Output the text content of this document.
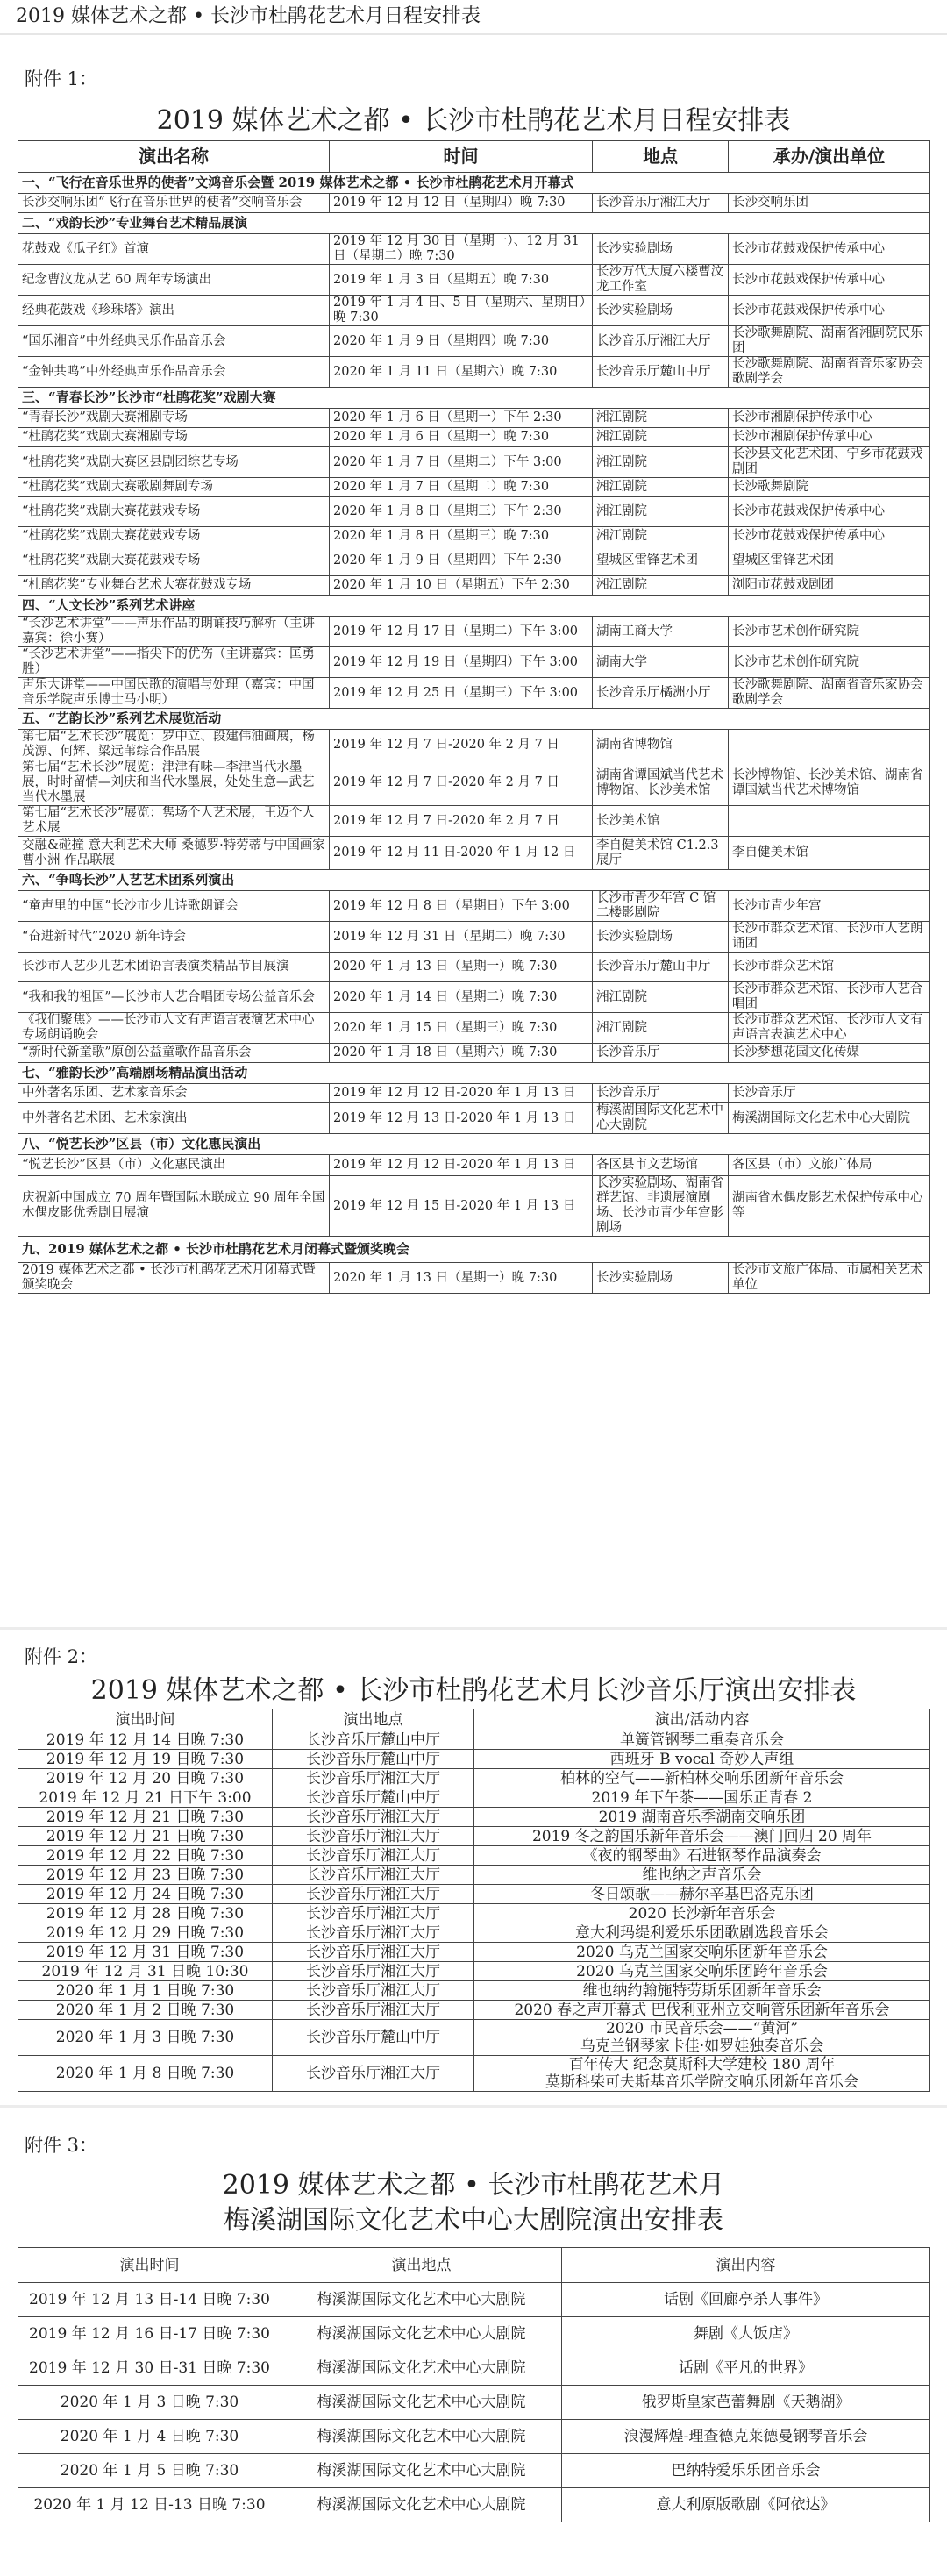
2019 媒体艺术之都 • 长沙市杜鹃花艺术月日程安排表
附件 1：
2019 媒体艺术之都 • 长沙市杜鹃花艺术月日程安排表
演出名称	时间	地点	承办/演出单位
一、“飞行在音乐世界的使者”文鸿音乐会暨 2019 媒体艺术之都 • 长沙市杜鹃花艺术月开幕式			
长沙交响乐团“飞行在音乐世界的使者”交响音乐会	2019 年 12 月 12 日（星期四）晚 7:30	长沙音乐厅湘江大厅	长沙交响乐团
二、“戏韵长沙”专业舞台艺术精品展演			
花鼓戏《瓜子红》首演	2019 年 12 月 30 日（星期一）、12 月 31 日（星期二）晚 7:30	长沙实验剧场	长沙市花鼓戏保护传承中心
纪念曹汶龙从艺 60 周年专场演出	2019 年 1 月 3 日（星期五）晚 7:30	长沙万代大厦六楼曹汶龙工作室	长沙市花鼓戏保护传承中心
经典花鼓戏《珍珠塔》演出	2019 年 1 月 4 日、5 日（星期六、星期日）晚 7:30	长沙实验剧场	长沙市花鼓戏保护传承中心
“国乐湘音”中外经典民乐作品音乐会	2020 年 1 月 9 日（星期四）晚 7:30	长沙音乐厅湘江大厅	长沙歌舞剧院、湖南省湘剧院民乐团
“金钟共鸣”中外经典声乐作品音乐会	2020 年 1 月 11 日（星期六）晚 7:30	长沙音乐厅麓山中厅	长沙歌舞剧院、湖南省音乐家协会歌剧学会
三、“青春长沙”长沙市“杜鹃花奖”戏剧大赛			
“青春长沙”戏剧大赛湘剧专场	2020 年 1 月 6 日（星期一）下午 2:30	湘江剧院	长沙市湘剧保护传承中心
“杜鹃花奖”戏剧大赛湘剧专场	2020 年 1 月 6 日（星期一）晚 7:30	湘江剧院	长沙市湘剧保护传承中心
“杜鹃花奖”戏剧大赛区县剧团综艺专场	2020 年 1 月 7 日（星期二）下午 3:00	湘江剧院	长沙县文化艺术团、宁乡市花鼓戏剧团
“杜鹃花奖”戏剧大赛歌剧舞剧专场	2020 年 1 月 7 日（星期二）晚 7:30	湘江剧院	长沙歌舞剧院
“杜鹃花奖”戏剧大赛花鼓戏专场	2020 年 1 月 8 日（星期三）下午 2:30	湘江剧院	长沙市花鼓戏保护传承中心
“杜鹃花奖”戏剧大赛花鼓戏专场	2020 年 1 月 8 日（星期三）晚 7:30	湘江剧院	长沙市花鼓戏保护传承中心
“杜鹃花奖”戏剧大赛花鼓戏专场	2020 年 1 月 9 日（星期四）下午 2:30	望城区雷锋艺术团	望城区雷锋艺术团
“杜鹃花奖”专业舞台艺术大赛花鼓戏专场	2020 年 1 月 10 日（星期五）下午 2:30	湘江剧院	浏阳市花鼓戏剧团
四、“人文长沙”系列艺术讲座			
“长沙艺术讲堂”——声乐作品的朗诵技巧解析（主讲嘉宾：徐小赛）	2019 年 12 月 17 日（星期二）下午 3:00	湖南工商大学	长沙市艺术创作研究院
“长沙艺术讲堂”——指尖下的优伤（主讲嘉宾：匡勇胜）	2019 年 12 月 19 日（星期四）下午 3:00	湖南大学	长沙市艺术创作研究院
声乐大讲堂——中国民歌的演唱与处理（嘉宾：中国音乐学院声乐博士马小明）	2019 年 12 月 25 日（星期三）下午 3:00	长沙音乐厅橘洲小厅	长沙歌舞剧院、湖南省音乐家协会歌剧学会
五、“艺韵长沙”系列艺术展览活动			
第七届“艺术长沙”展览：罗中立、段建伟油画展，杨茂源、何辉、梁远苇综合作品展	2019 年 12 月 7 日-2020 年 2 月 7 日	湖南省博物馆	
第七届“艺术长沙”展览：津津有味—李津当代水墨展，时时留情—刘庆和当代水墨展，处处生意—武艺当代水墨展	2019 年 12 月 7 日-2020 年 2 月 7 日	湖南省谭国斌当代艺术博物馆、长沙美术馆	长沙博物馆、长沙美术馆、湖南省谭国斌当代艺术博物馆
第七届“艺术长沙”展览：隽场个人艺术展，王迈个人艺术展	2019 年 12 月 7 日-2020 年 2 月 7 日	长沙美术馆	
交融&碰撞 意大利艺术大师 桑德罗·特劳蒂与中国画家 曹小洲 作品联展	2019 年 12 月 11 日-2020 年 1 月 12 日	李自健美术馆 C1.2.3 展厅	李自健美术馆
六、“争鸣长沙”人艺艺术团系列演出			
“童声里的中国”长沙市少儿诗歌朗诵会	2019 年 12 月 8 日（星期日）下午 3:00	长沙市青少年宫 C 馆二楼影剧院	长沙市青少年宫
“奋进新时代”2020 新年诗会	2019 年 12 月 31 日（星期二）晚 7:30	长沙实验剧场	长沙市群众艺术馆、长沙市人艺朗诵团
长沙市人艺少儿艺术团语言表演类精品节目展演	2020 年 1 月 13 日（星期一）晚 7:30	长沙音乐厅麓山中厅	长沙市群众艺术馆
“我和我的祖国”—长沙市人艺合唱团专场公益音乐会	2020 年 1 月 14 日（星期二）晚 7:30	湘江剧院	长沙市群众艺术馆、长沙市人艺合唱团
《我们聚焦》——长沙市人文有声语言表演艺术中心专场朗诵晚会	2020 年 1 月 15 日（星期三）晚 7:30	湘江剧院	长沙市群众艺术馆、长沙市人文有声语言表演艺术中心
“新时代新童歌”原创公益童歌作品音乐会	2020 年 1 月 18 日（星期六）晚 7:30	长沙音乐厅	长沙梦想花园文化传媒
七、“雅韵长沙”高端剧场精品演出活动			
中外著名乐团、艺术家音乐会	2019 年 12 月 12 日-2020 年 1 月 13 日	长沙音乐厅	长沙音乐厅
中外著名艺术团、艺术家演出	2019 年 12 月 13 日-2020 年 1 月 13 日	梅溪湖国际文化艺术中心大剧院	梅溪湖国际文化艺术中心大剧院
八、“悦艺长沙”区县（市）文化惠民演出			
“悦艺长沙”区县（市）文化惠民演出	2019 年 12 月 12 日-2020 年 1 月 13 日	各区县市文艺场馆	各区县（市）文旅广体局
庆祝新中国成立 70 周年暨国际木联成立 90 周年全国木偶皮影优秀剧目展演	2019 年 12 月 15 日-2020 年 1 月 13 日	长沙实验剧场、湖南省群艺馆、非遗展演剧场、长沙市青少年宫影剧场	湖南省木偶皮影艺术保护传承中心等
九、2019 媒体艺术之都 • 长沙市杜鹃花艺术月闭幕式暨颁奖晚会			
2019 媒体艺术之都 • 长沙市杜鹃花艺术月闭幕式暨颁奖晚会	2020 年 1 月 13 日（星期一）晚 7:30	长沙实验剧场	长沙市文旅广体局、市属相关艺术单位
附件 2：
2019 媒体艺术之都 • 长沙市杜鹃花艺术月长沙音乐厅演出安排表
演出时间	演出地点	演出/活动内容
2019 年 12 月 14 日晚 7:30	长沙音乐厅麓山中厅	单簧管钢琴二重奏音乐会
2019 年 12 月 19 日晚 7:30	长沙音乐厅麓山中厅	西班牙 B vocal 奇妙人声组
2019 年 12 月 20 日晚 7:30	长沙音乐厅湘江大厅	柏林的空气——新柏林交响乐团新年音乐会
2019 年 12 月 21 日下午 3:00	长沙音乐厅麓山中厅	2019 年下午茶——国乐正青春 2
2019 年 12 月 21 日晚 7:30	长沙音乐厅湘江大厅	2019 湖南音乐季湖南交响乐团
2019 年 12 月 21 日晚 7:30	长沙音乐厅湘江大厅	2019 冬之韵国乐新年音乐会——澳门回归 20 周年
2019 年 12 月 22 日晚 7:30	长沙音乐厅湘江大厅	《夜的钢琴曲》石进钢琴作品演奏会
2019 年 12 月 23 日晚 7:30	长沙音乐厅湘江大厅	维也纳之声音乐会
2019 年 12 月 24 日晚 7:30	长沙音乐厅湘江大厅	冬日颂歌——赫尔辛基巴洛克乐团
2019 年 12 月 28 日晚 7:30	长沙音乐厅湘江大厅	2020 长沙新年音乐会
2019 年 12 月 29 日晚 7:30	长沙音乐厅湘江大厅	意大利玛缇利爱乐乐团歌剧选段音乐会
2019 年 12 月 31 日晚 7:30	长沙音乐厅湘江大厅	2020 乌克兰国家交响乐团新年音乐会
2019 年 12 月 31 日晚 10:30	长沙音乐厅湘江大厅	2020 乌克兰国家交响乐团跨年音乐会
2020 年 1 月 1 日晚 7:30	长沙音乐厅湘江大厅	维也纳约翰施特劳斯乐团新年音乐会
2020 年 1 月 2 日晚 7:30	长沙音乐厅湘江大厅	2020 春之声开幕式 巴伐利亚州立交响管乐团新年音乐会
2020 年 1 月 3 日晚 7:30	长沙音乐厅麓山中厅	2020 市民音乐会——“黄河”
乌克兰钢琴家卡佳·如罗娃独奏音乐会
2020 年 1 月 8 日晚 7:30	长沙音乐厅湘江大厅	百年传大 纪念莫斯科大学建校 180 周年
莫斯科柴可夫斯基音乐学院交响乐团新年音乐会
附件 3：
2019 媒体艺术之都 • 长沙市杜鹃花艺术月
梅溪湖国际文化艺术中心大剧院演出安排表
演出时间	演出地点	演出内容
2019 年 12 月 13 日-14 日晚 7:30	梅溪湖国际文化艺术中心大剧院	话剧《回廊亭杀人事件》
2019 年 12 月 16 日-17 日晚 7:30	梅溪湖国际文化艺术中心大剧院	舞剧《大饭店》
2019 年 12 月 30 日-31 日晚 7:30	梅溪湖国际文化艺术中心大剧院	话剧《平凡的世界》
2020 年 1 月 3 日晚 7:30	梅溪湖国际文化艺术中心大剧院	俄罗斯皇家芭蕾舞剧《天鹅湖》
2020 年 1 月 4 日晚 7:30	梅溪湖国际文化艺术中心大剧院	浪漫辉煌-理查德克莱德曼钢琴音乐会
2020 年 1 月 5 日晚 7:30	梅溪湖国际文化艺术中心大剧院	巴纳特爱乐乐团音乐会
2020 年 1 月 12 日-13 日晚 7:30	梅溪湖国际文化艺术中心大剧院	意大利原版歌剧《阿依达》
